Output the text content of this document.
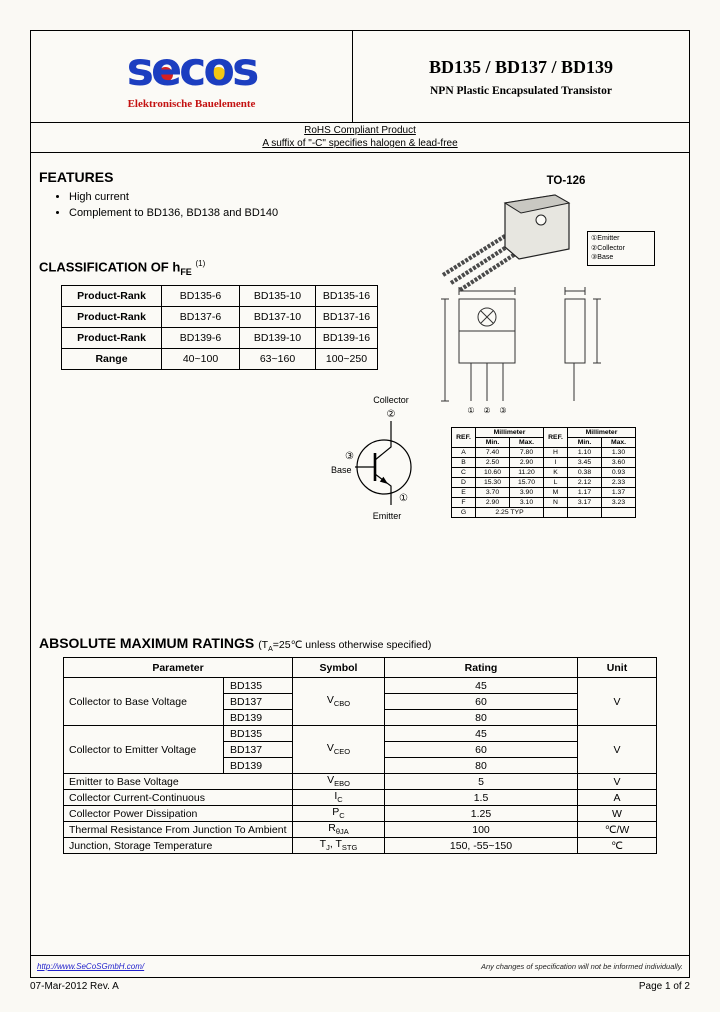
secos
Elektronische Bauelemente
BD135 / BD137 / BD139
NPN Plastic Encapsulated Transistor
RoHS Compliant Product
A suffix of "-C" specifies halogen & lead-free
FEATURES
• High current
• Complement to BD136, BD138 and BD140
TO-126
①Emitter
②Collector
③Base
CLASSIFICATION OF $h_{FE}$ $^{(1)}$
Product-Rank	BD135-6	BD135-10	BD135-16
Product-Rank	BD137-6	BD137-10	BD137-16
Product-Rank	BD139-6	BD139-10	BD139-16
Range	40~100	63~160	100~250
① ② ③
Collector
②
①
Emitter
③
Base
REF.	Millimeter		REF.	Millimeter	
	Min.	Max.		Min.	Max.
A	7.40	7.80	H	1.10	1.30
B	2.50	2.90	I	3.45	3.60
C	10.60	11.20	K	0.38	0.93
D	15.30	15.70	L	2.12	2.33
E	3.70	3.90	M	1.17	1.37
F	2.90	3.10	N	3.17	3.23
G	2.25 TYP				
ABSOLUTE MAXIMUM RATINGS ($T_A=25℃$ unless otherwise specified)
Parameter		Symbol	Rating	Unit
Collector to Base Voltage	BD135	$V_{CBO}$	45	V
	BD137		60	
	BD139		80	
Collector to Emitter Voltage	BD135	$V_{CEO}$	45	V
	BD137		60	
	BD139		80	
Emitter to Base Voltage		$V_{EBO}$	5	V
Collector Current-Continuous		$I_C$	1.5	A
Collector Power Dissipation		$P_C$	1.25	W
Thermal Resistance From Junction To Ambient		$R_{\theta JA}$	100	℃/W
Junction, Storage Temperature		$T_J$, $T_{STG}$	150, -55~150	℃
http://www.SeCoSGmbH.com/	Any changes of specification will not be informed individually.
07-Mar-2012 Rev. A	Page 1 of 2
